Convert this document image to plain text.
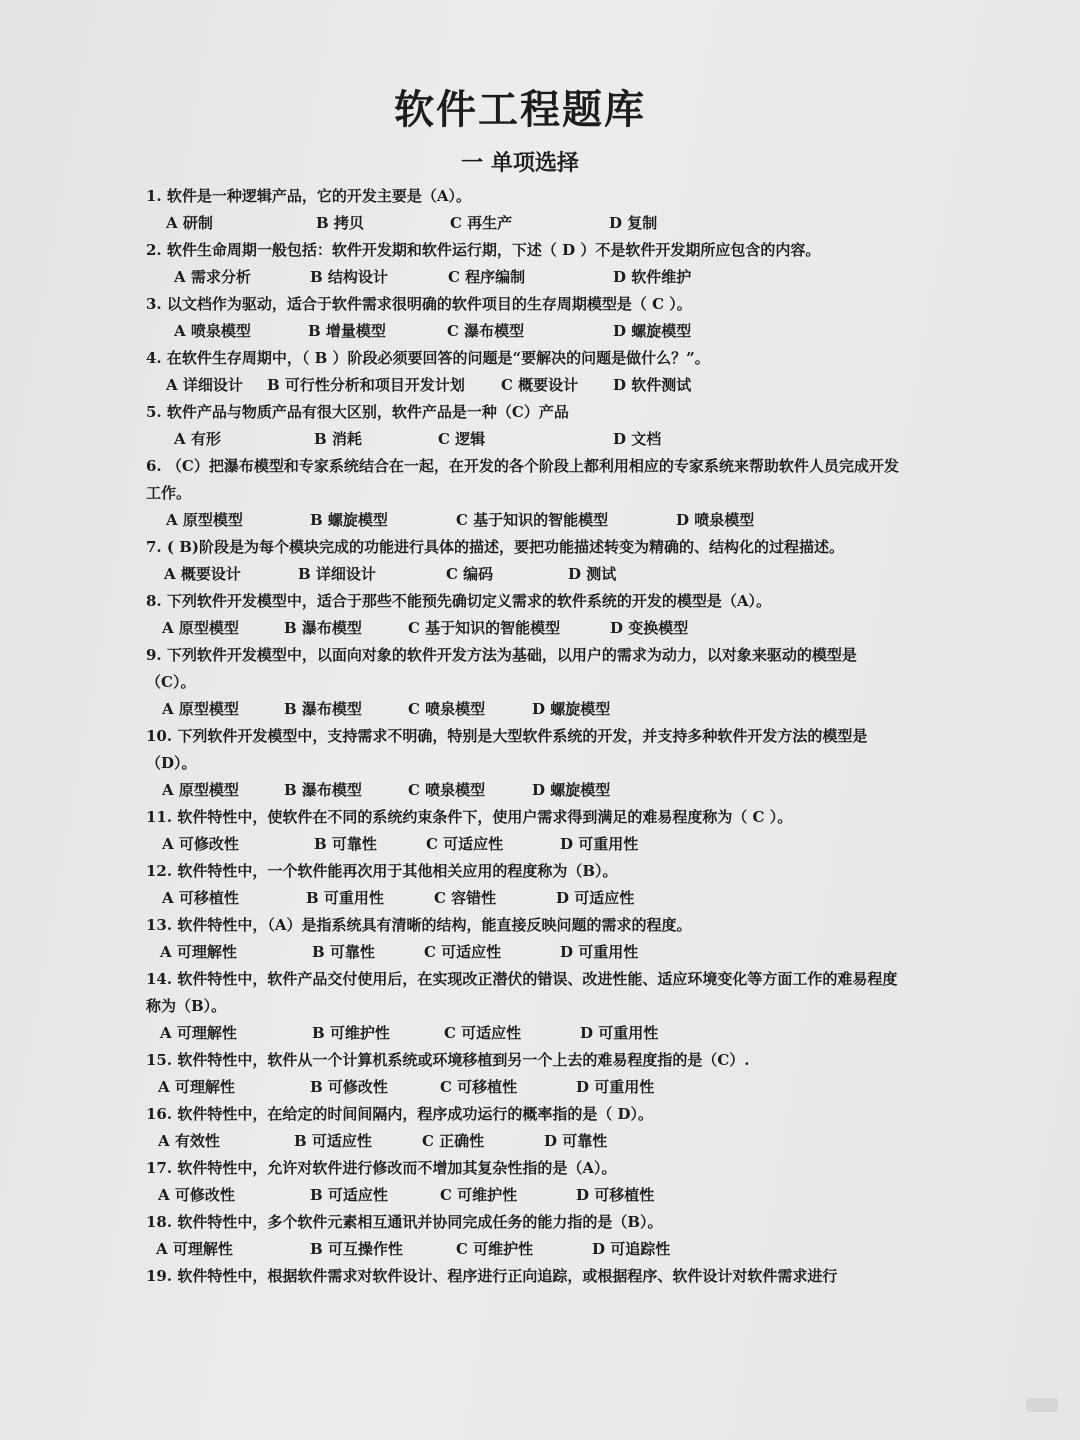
软件工程题库
一 单项选择
1. 软件是一种逻辑产品，它的开发主要是（A）。
A 研制	B 拷贝	C 再生产	D 复制
2. 软件生命周期一般包括：软件开发期和软件运行期，下述（ D ）不是软件开发期所应包含的内容。
A 需求分析	B 结构设计	C 程序编制	D 软件维护
3. 以文档作为驱动，适合于软件需求很明确的软件项目的生存周期模型是（ C ）。
A 喷泉模型	B 增量模型	C 瀑布模型	D 螺旋模型
4. 在软件生存周期中，（ B ）阶段必须要回答的问题是“要解决的问题是做什么？”。
A 详细设计 B 可行性分析和项目开发计划 C 概要设计 D 软件测试
5. 软件产品与物质产品有很大区别，软件产品是一种（C）产品
A 有形	B 消耗	C 逻辑	D 文档
6. （C）把瀑布模型和专家系统结合在一起，在开发的各个阶段上都利用相应的专家系统来帮助软件人员完成开发工作。
A 原型模型	B 螺旋模型	C 基于知识的智能模型	D 喷泉模型
7. ( B)阶段是为每个模块完成的功能进行具体的描述，要把功能描述转变为精确的、结构化的过程描述。
A 概要设计	B 详细设计	C 编码	D 测试
8. 下列软件开发模型中，适合于那些不能预先确切定义需求的软件系统的开发的模型是（A）。
A 原型模型	B 瀑布模型	C 基于知识的智能模型	D 变换模型
9. 下列软件开发模型中，以面向对象的软件开发方法为基础，以用户的需求为动力，以对象来驱动的模型是（C）。
A 原型模型	B 瀑布模型	C 喷泉模型	D 螺旋模型
10. 下列软件开发模型中，支持需求不明确，特别是大型软件系统的开发，并支持多种软件开发方法的模型是（D）。
A 原型模型	B 瀑布模型	C 喷泉模型	D 螺旋模型
11. 软件特性中，使软件在不同的系统约束条件下，使用户需求得到满足的难易程度称为（ C ）。
A 可修改性	B 可靠性	C 可适应性	D 可重用性
12. 软件特性中，一个软件能再次用于其他相关应用的程度称为（B）。
A 可移植性	B 可重用性	C 容错性	D 可适应性
13. 软件特性中，（A）是指系统具有清晰的结构，能直接反映问题的需求的程度。
A 可理解性	B 可靠性	C 可适应性	D 可重用性
14. 软件特性中，软件产品交付使用后，在实现改正潜伏的错误、改进性能、适应环境变化等方面工作的难易程度称为（B）。
A 可理解性	B 可维护性	C 可适应性	D 可重用性
15. 软件特性中，软件从一个计算机系统或环境移植到另一个上去的难易程度指的是（C）.
A 可理解性	B 可修改性	C 可移植性	D 可重用性
16. 软件特性中，在给定的时间间隔内，程序成功运行的概率指的是（ D）。
A 有效性	B 可适应性	C 正确性	D 可靠性
17. 软件特性中，允许对软件进行修改而不增加其复杂性指的是（A）。
A 可修改性	B 可适应性	C 可维护性	D 可移植性
18. 软件特性中，多个软件元素相互通讯并协同完成任务的能力指的是（B）。
A 可理解性	B 可互操作性	C 可维护性	D 可追踪性
19. 软件特性中，根据软件需求对软件设计、程序进行正向追踪，或根据程序、软件设计对软件需求进行
